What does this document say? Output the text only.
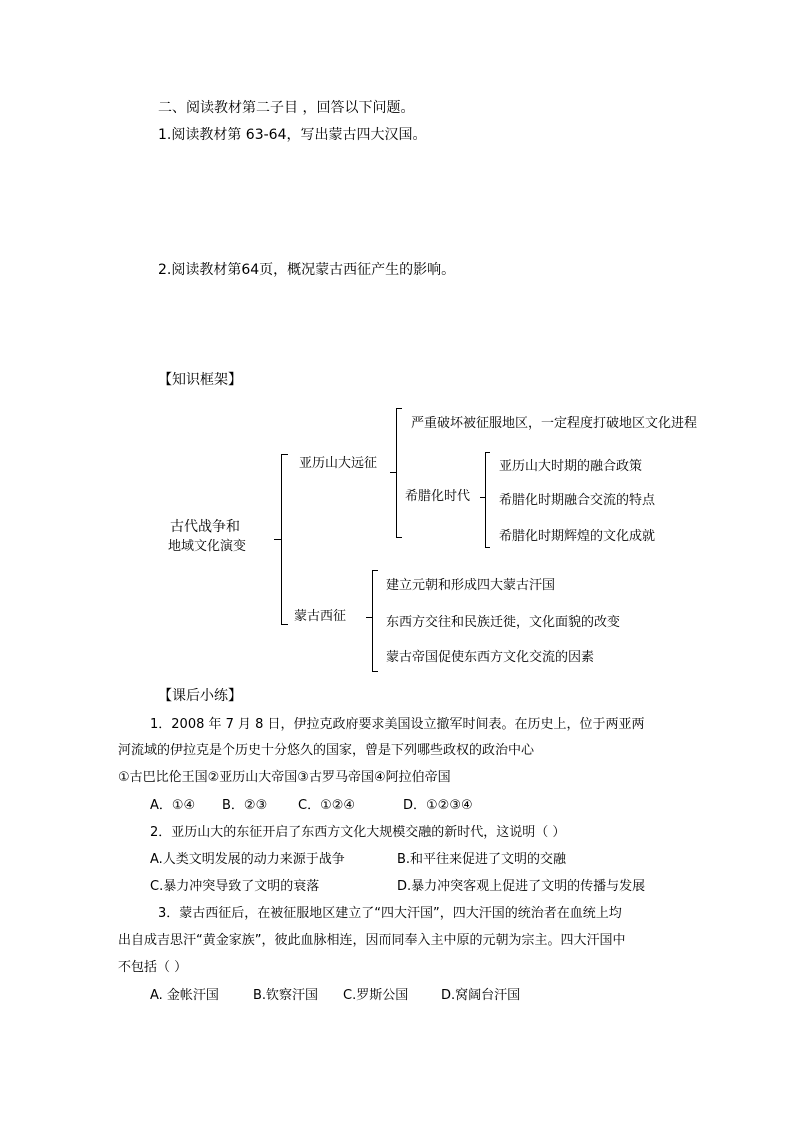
二、阅读教材第二子目 ，回答以下问题。
1.阅读教材第 63-64，写出蒙古四大汉国。
2.阅读教材第64页，概况蒙古西征产生的影响。
【知识框架】
古代战争和
地域文化演变
亚历山大远征
严重破坏被征服地区，一定程度打破地区文化进程
希腊化时代
亚历山大时期的融合政策
希腊化时期融合交流的特点
希腊化时期辉煌的文化成就
蒙古西征
建立元朝和形成四大蒙古汗国
东西方交往和民族迁徙，文化面貌的改变
蒙古帝国促使东西方文化交流的因素
【课后小练】
1．2008 年 7 月 8 日，伊拉克政府要求美国设立撤军时间表。在历史上，位于两亚两
河流域的伊拉克是个历史十分悠久的国家，曾是下列哪些政权的政治中心
①古巴比伦王国②亚历山大帝国③古罗马帝国④阿拉伯帝国
A．①④ B．②③ C．①②④	D．①②③④
2．亚历山大的东征开启了东西方文化大规模交融的新时代，这说明（ ）
A.人类文明发展的动力来源于战争	B.和平往来促进了文明的交融
C.暴力冲突导致了文明的衰落	D.暴力冲突客观上促进了文明的传播与发展
3．蒙古西征后，在被征服地区建立了“四大汗国”，四大汗国的统治者在血统上均
出自成吉思汗“黄金家族”，彼此血脉相连，因而同奉入主中原的元朝为宗主。四大汗国中
不包括（ ）
A. 金帐汗国	B.钦察汗国 C.罗斯公国	D.窝阔台汗国
